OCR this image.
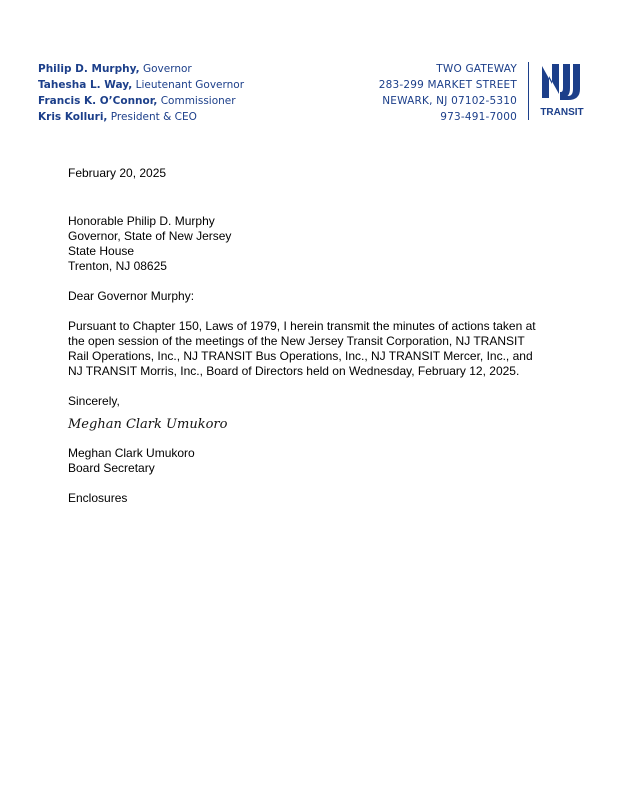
Philip D. Murphy, Governor
Tahesha L. Way, Lieutenant Governor
Francis K. O’Connor, Commissioner
Kris Kolluri, President & CEO
TWO GATEWAY
283-299 MARKET STREET
NEWARK, NJ 07102-5310
973-491-7000 TRANSIT

February 20, 2025

Honorable Philip D. Murphy

Governor, State of New Jersey

State House

Trenton, NJ 08625

Dear Governor Murphy:

Pursuant to Chapter 150, Laws of 1979, I herein transmit the minutes of actions taken at the open session of the meetings of the New Jersey Transit Corporation, NJ TRANSIT Rail Operations, Inc., NJ TRANSIT Bus Operations, Inc., NJ TRANSIT Mercer, Inc., and NJ TRANSIT Morris, Inc., Board of Directors held on Wednesday, February 12, 2025.

Sincerely,

Meghan Clark Umukoro

Meghan Clark Umukoro

Board Secretary

Enclosures
